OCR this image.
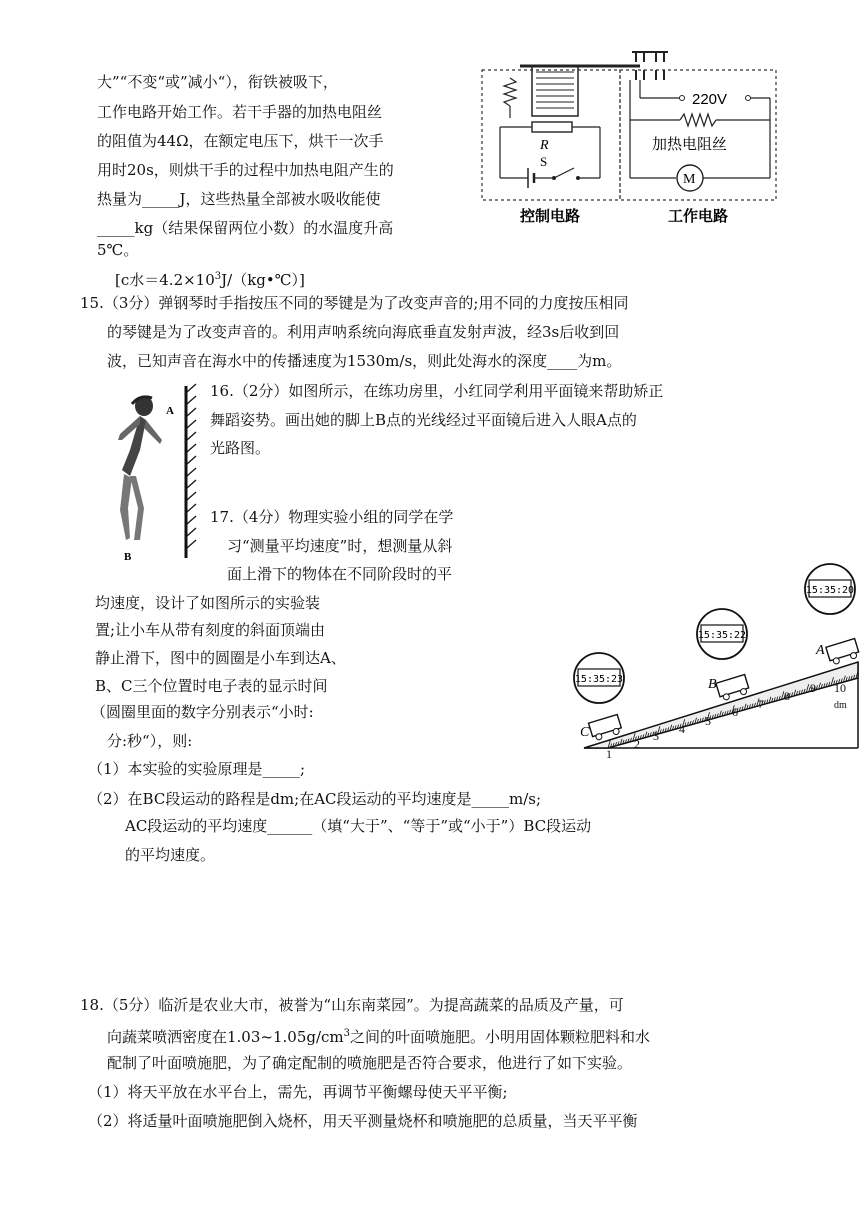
大”“不变“或”减小“），衔铁被吸下，
工作电路开始工作。若干手器的加热电阻丝
的阻值为44Ω，在额定电压下，烘干一次手
用时20s，则烘干手的过程中加热电阻产生的
热量为_____J，这些热量全部被水吸收能使
_____kg（结果保留两位小数）的水温度升高
5℃。
[c水$=4.2\times 10^3J/(kg•℃)$]
R
S
220V
加热电阻丝
M
控制电路	工作电路
15.（3分）弹钢琴时手指按压不同的琴键是为了改变声音的;用不同的力度按压相同
的琴键是为了改变声音的。利用声呐系统向海底垂直发射声波，经3s后收到回
波，已知声音在海水中的传播速度为1530m/s，则此处海水的深度____为m。
A
B
16.（2分）如图所示，在练功房里，小红同学利用平面镜来帮助矫正
舞蹈姿势。画出她的脚上B点的光线经过平面镜后进入人眼A点的
光路图。
17.（4分）物理实验小组的同学在学
习“测量平均速度”时，想测量从斜
面上滑下的物体在不同阶段时的平
均速度，设计了如图所示的实验装
置;让小车从带有刻度的斜面顶端由
静止滑下，图中的圆圈是小车到达A、
B、C三个位置时电子表的显示时间
（圆圈里面的数字分别表示“小时:
分:秒“），则:
（1）本实验的实验原理是_____;
（2）在BC段运动的路程是dm;在AC段运动的平均速度是_____m/s;
AC段运动的平均速度______（填“大于”、“等于”或“小于”）BC段运动
的平均速度。
1
2
3 4
5
6
7
8
9 10
dm
C
B
A
15:35:23
15:35:22
15:35:20
18.（5分）临沂是农业大市，被誉为“山东南菜园”。为提高蔬菜的品质及产量，可
向蔬菜喷洒密度在$1.03\sim 1.05g/cm^3$之间的叶面喷施肥。小明用固体颗粒肥料和水
配制了叶面喷施肥，为了确定配制的喷施肥是否符合要求，他进行了如下实验。
（1）将天平放在水平台上，需先，再调节平衡螺母使天平平衡;
（2）将适量叶面喷施肥倒入烧杯，用天平测量烧杯和喷施肥的总质量，当天平平衡
